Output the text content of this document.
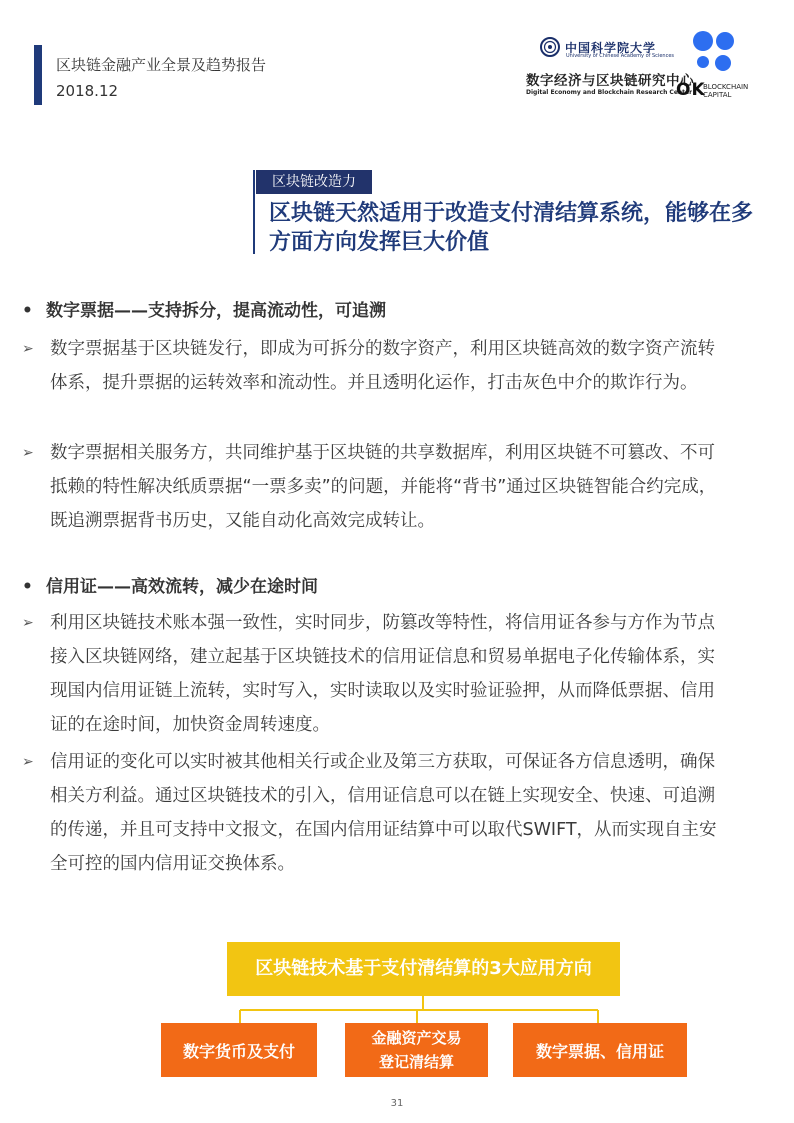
区块链金融产业全景及趋势报告
2018.12
中国科学院大学
University of Chinese Academy of Sciences
数字经济与区块链研究中心
Digital Economy and Blockchain Research Center
OK
BLOCKCHAIN
CAPITAL
区块链改造力
区块链天然适用于改造支付清结算系统，能够在多方面方向发挥巨大价值
• 数字票据——支持拆分，提高流动性，可追溯
➢ 数字票据基于区块链发行，即成为可拆分的数字资产，利用区块链高效的数字资产流转体系，提升票据的运转效率和流动性。并且透明化运作，打击灰色中介的欺诈行为。
➢ 数字票据相关服务方，共同维护基于区块链的共享数据库，利用区块链不可篡改、不可抵赖的特性解决纸质票据“一票多卖”的问题，并能将“背书”通过区块链智能合约完成，既追溯票据背书历史，又能自动化高效完成转让。
• 信用证——高效流转，减少在途时间
➢ 利用区块链技术账本强一致性，实时同步，防篡改等特性，将信用证各参与方作为节点接入区块链网络，建立起基于区块链技术的信用证信息和贸易单据电子化传输体系，实现国内信用证链上流转，实时写入，实时读取以及实时验证验押，从而降低票据、信用证的在途时间，加快资金周转速度。
➢ 信用证的变化可以实时被其他相关行或企业及第三方获取，可保证各方信息透明，确保相关方利益。通过区块链技术的引入，信用证信息可以在链上实现安全、快速、可追溯的传递，并且可支持中文报文，在国内信用证结算中可以取代SWIFT，从而实现自主安全可控的国内信用证交换体系。
区块链技术基于支付清结算的3大应用方向
数字货币及支付
金融资产交易
登记清结算
数字票据、信用证
31
